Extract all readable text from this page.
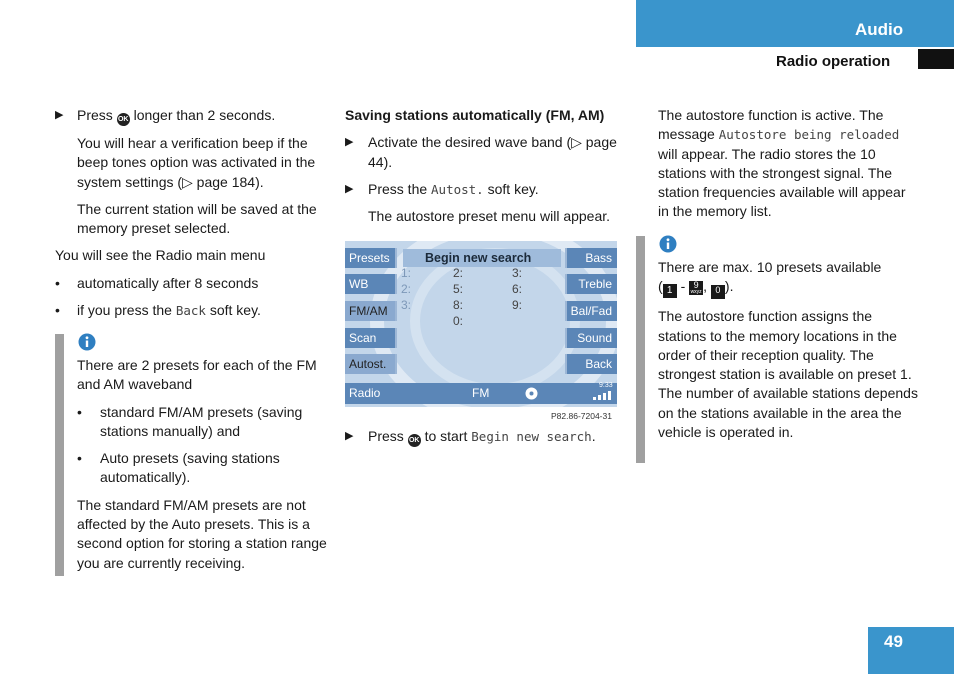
Audio
Radio operation
▶ Press OK longer than 2 seconds.
You will hear a verification beep if the beep tones option was activated in the system settings (▷ page 184).
The current station will be saved at the memory preset selected.
You will see the Radio main menu
• automatically after 8 seconds
• if you press the Back soft key.
There are 2 presets for each of the FM and AM waveband
• standard FM/AM presets (saving stations manually) and
• Auto presets (saving stations automatically).
The standard FM/AM presets are not affected by the Auto presets. This is a second option for storing a station range you are currently receiving.
Saving stations automatically (FM, AM)
▶ Activate the desired wave band (▷ page 44).
▶ Press the Autost. soft key.
The autostore preset menu will appear.
Presets
WB
FM/AM
Scan
Autost.
Bass
Treble
Bal/Fad
Sound
Back
Begin new search
1:
2:
3:
2:
5:
8:
0:
3:
6:
9:
Radio	FM
9:33
P82.86-7204-31
▶ Press OK to start Begin new search.
The autostore function is active. The message Autostore being reloaded will appear. The radio stores the 10 stations with the strongest signal. The station frequencies available will appear in the memory list.
There are max. 10 presets available
( 1 - 9
wxyz , 0 ).
The autostore function assigns the stations to the memory locations in the order of their reception quality. The strongest station is available on preset 1. The number of available stations depends on the stations available in the area the vehicle is operated in.
49
